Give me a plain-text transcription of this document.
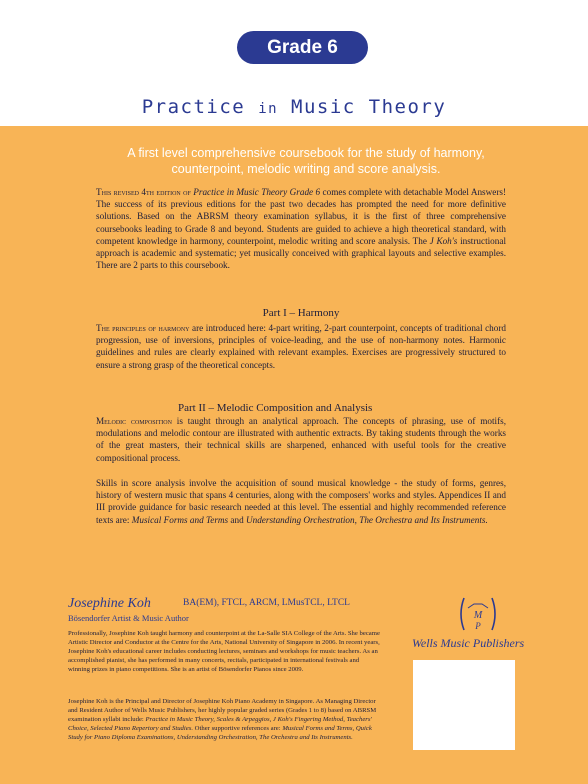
Grade 6
Practice in Music Theory
A first level comprehensive coursebook for the study of harmony, counterpoint, melodic writing and score analysis.

This revised 4th edition of Practice in Music Theory Grade 6 comes complete with detachable Model Answers! The success of its previous editions for the past two decades has prompted the need for more definitive solutions. Based on the ABRSM theory examination syllabus, it is the first of three comprehensive coursebooks leading to Grade 8 and beyond. Students are guided to achieve a high theoretical standard, with competent knowledge in harmony, counterpoint, melodic writing and score analysis. The J Koh's instructional approach is academic and systematic; yet musically conceived with graphical layouts and selective examples. There are 2 parts to this coursebook.

Part I – Harmony

The principles of harmony are introduced here: 4-part writing, 2-part counterpoint, concepts of traditional chord progression, use of inversions, principles of voice-leading, and the use of non-harmony notes. Harmonic guidelines and rules are clearly explained with relevant examples. Exercises are progressively structured to ensure a strong grasp of the theoretical concepts.

Part II – Melodic Composition and Analysis

Melodic composition is taught through an analytical approach. The concepts of phrasing, use of motifs, modulations and melodic contour are illustrated with authentic extracts. By taking students through the works of the great masters, their technical skills are sharpened, enhanced with useful tools for the creative compositional process.

Skills in score analysis involve the acquisition of sound musical knowledge - the study of forms, genres, history of western music that spans 4 centuries, along with the composers' works and styles. Appendices II and III provide guidance for basic research needed at this level. The essential and highly recommended reference texts are: Musical Forms and Terms and Understanding Orchestration, The Orchestra and Its Instruments.

Josephine Koh	BA(EM), FTCL, ARCM, LMusTCL, LTCL
Bösendorfer Artist & Music Author

Professionally, Josephine Koh taught harmony and counterpoint at the La-Salle SIA College of the Arts. She became Artistic Director and Conductor at the Centre for the Arts, National University of Singapore in 2006. In recent years, Josephine Koh's educational career includes conducting lectures, seminars and workshops for music teachers. As an accomplished pianist, she has performed in many concerts, recitals, participated in international festivals and winning prizes in piano competitions. She is an artist of Bösendorfer Pianos since 2009.

Josephine Koh is the Principal and Director of Josephine Koh Piano Academy in Singapore. As Managing Director and Resident Author of Wells Music Publishers, her highly popular graded series (Grades 1 to 8) based on ABRSM examination syllabi include: Practice in Music Theory, Scales & Arpeggios, J Koh's Fingering Method, Teachers' Choice, Selected Piano Repertory and Studies. Other supportive references are: Musical Forms and Terms, Quick Study for Piano Diploma Examinations, Understanding Orchestration, The Orchestra and Its Instruments.

M
P
Wells Music Publishers
